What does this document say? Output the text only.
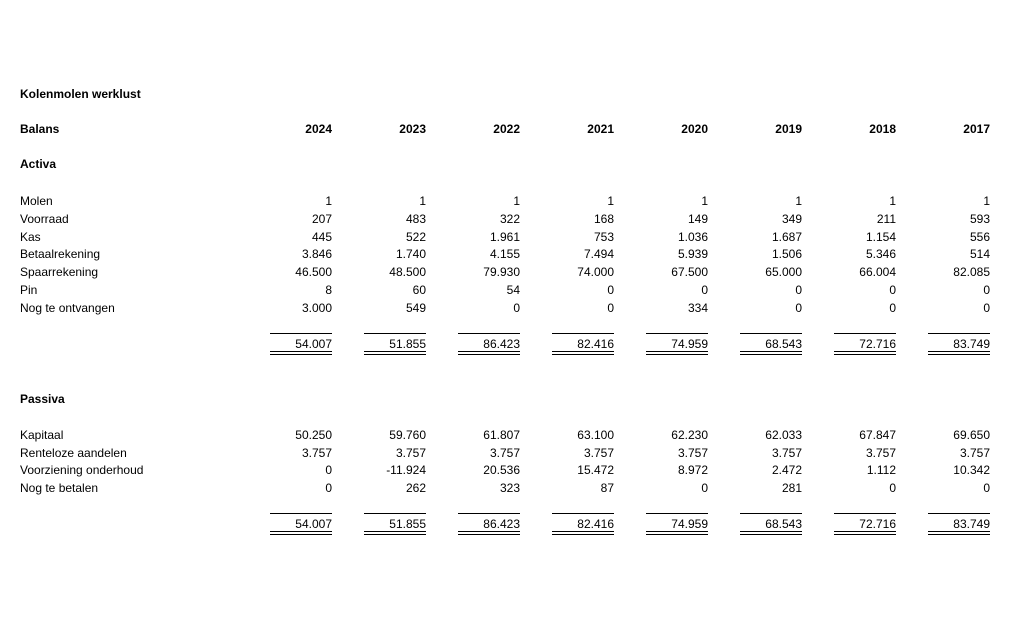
Kolenmolen werklust
Balans
Activa
Passiva
2024	2023	2022	2021	2020	2019	2018	2017
Molen	1	1	1	1	1	1	1	1
Voorraad	207	483	322	168	149	349	211	593
Kas	445	522	1.961	753	1.036	1.687	1.154	556
Betaalrekening	3.846	1.740	4.155	7.494	5.939	1.506	5.346	514
Spaarrekening	46.500	48.500	79.930	74.000	67.500	65.000	66.004	82.085
Pin	8	60	54	0	0	0	0	0
Nog te ontvangen	3.000	549	0	0	334	0	0	0
54.007	51.855	86.423	82.416	74.959	68.543	72.716	83.749
Kapitaal	50.250	59.760	61.807	63.100	62.230	62.033	67.847	69.650
Renteloze aandelen	3.757	3.757	3.757	3.757	3.757	3.757	3.757	3.757
Voorziening onderhoud	0	-11.924	20.536	15.472	8.972	2.472	1.112	10.342
Nog te betalen	0	262	323	87	0	281	0	0
54.007	51.855	86.423	82.416	74.959	68.543	72.716	83.749
